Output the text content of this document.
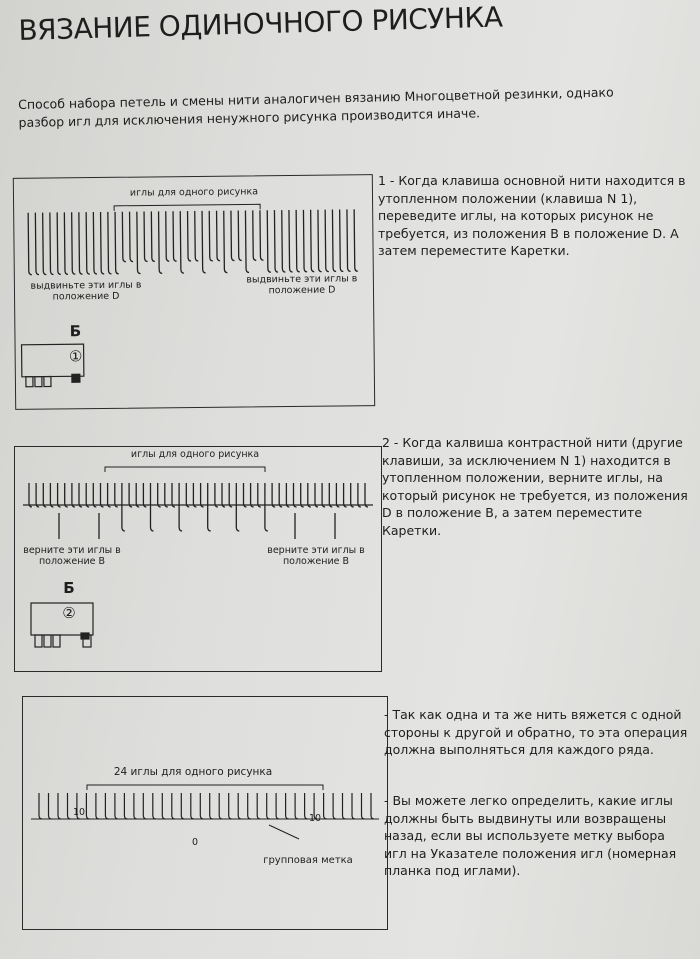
ВЯЗАНИЕ ОДИНОЧНОГО РИСУНКА
Способ набора петель и смены нити аналогичен вязанию Многоцветной резинки, однако разбор игл для исключения ненужного рисунка производится иначе.
иглы для одного рисунка
выдвиньте эти иглы в положение D
выдвиньте эти иглы в положение D
Б
①
иглы для одного рисунка
верните эти иглы в положение В
верните эти иглы в положение В
Б
②
24 иглы для одного рисунка
10
0
10
групповая метка
1 - Когда клавиша основной нити находится в утопленном положении (клавиша N 1), переведите иглы, на которых рисунок не требуется, из положения В в положение D. А затем переместите Каретки.
2 - Когда калвиша контрастной нити (другие клавиши, за исключением N 1) находится в утопленном положении, верните иглы, на который рисунок не требуется, из положения D в положение В, а затем переместите Каретки.
- Так как одна и та же нить вяжется с одной стороны к другой и обратно, то эта операция должна выполняться для каждого ряда.
- Вы можете легко определить, какие иглы должны быть выдвинуты или возвращены назад, если вы используете метку выбора игл на Указателе положения игл (номерная планка под иглами).
